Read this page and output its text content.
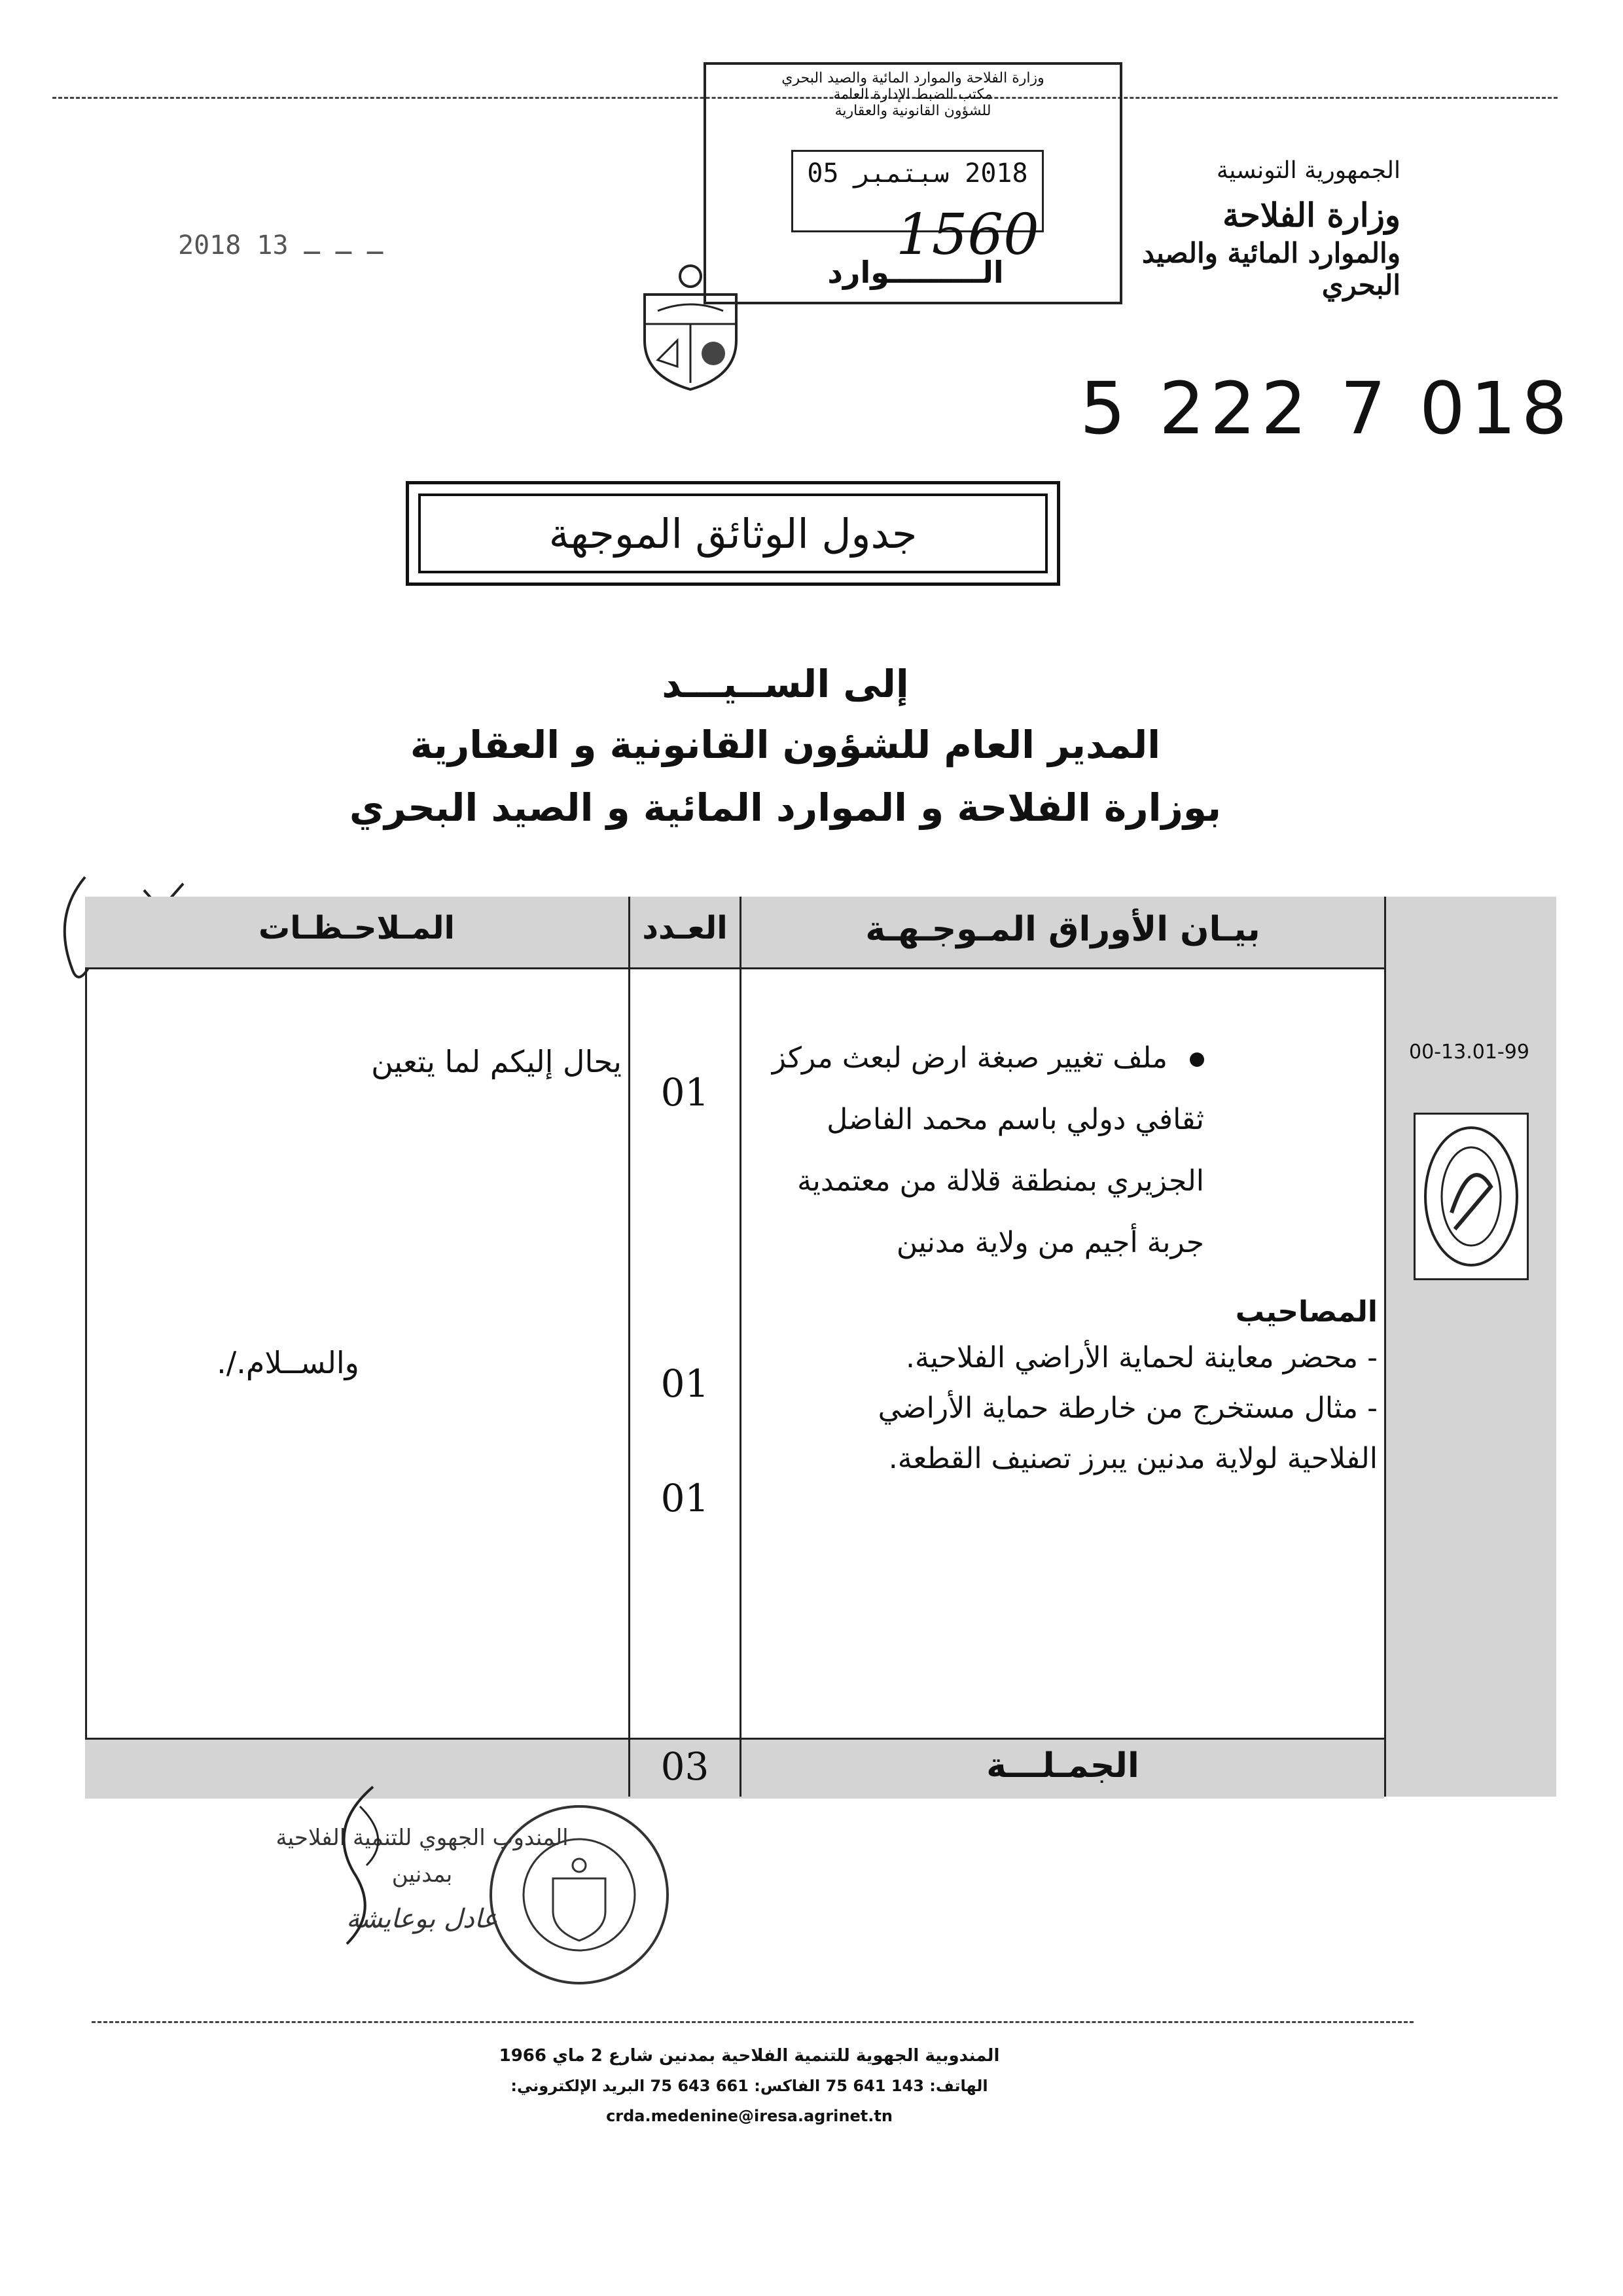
الجمهورية التونسية
وزارة الفلاحة
والموارد المائية والصيد البحري
2018 ـ ـ ـ 13
وزارة الفلاحة والموارد المائية والصيد البحري
مكتب الضبط الإدارة العامة
للشؤون القانونية والعقارية
2018 سبتمبر 05
1560
الـــــــــوارد
5 222 7 018
جدول الوثائق الموجهة
إلى الســيـــد
المدير العام للشؤون القانونية و العقارية
بوزارة الفلاحة و الموارد المائية و الصيد البحري
بيـان الأوراق المـوجـهـة
العـدد
المـلاحـظـات
00-13.01-99
ملف تغيير صبغة ارض لبعث مركز
ثقافي دولي باسم محمد الفاضل
الجزيري بمنطقة قلالة من معتمدية
جربة أجيم من ولاية مدنين
المصاحيب
- محضر معاينة لحماية الأراضي الفلاحية.
- مثال مستخرج من خارطة حماية الأراضي
الفلاحية لولاية مدنين يبرز تصنيف القطعة.
01
01
01
يحال إليكم لما يتعين
والســلام./.
الجمـلـــة
03
المندوب الجهوي للتنمية الفلاحية
بمدنين
عادل بوعايشة
المندوبية الجهوية للتنمية الفلاحية بمدنين شارع 2 ماي 1966
الهاتف: 143 641 75 الفاكس: 661 643 75 البريد الإلكتروني: crda.medenine@iresa.agrinet.tn
